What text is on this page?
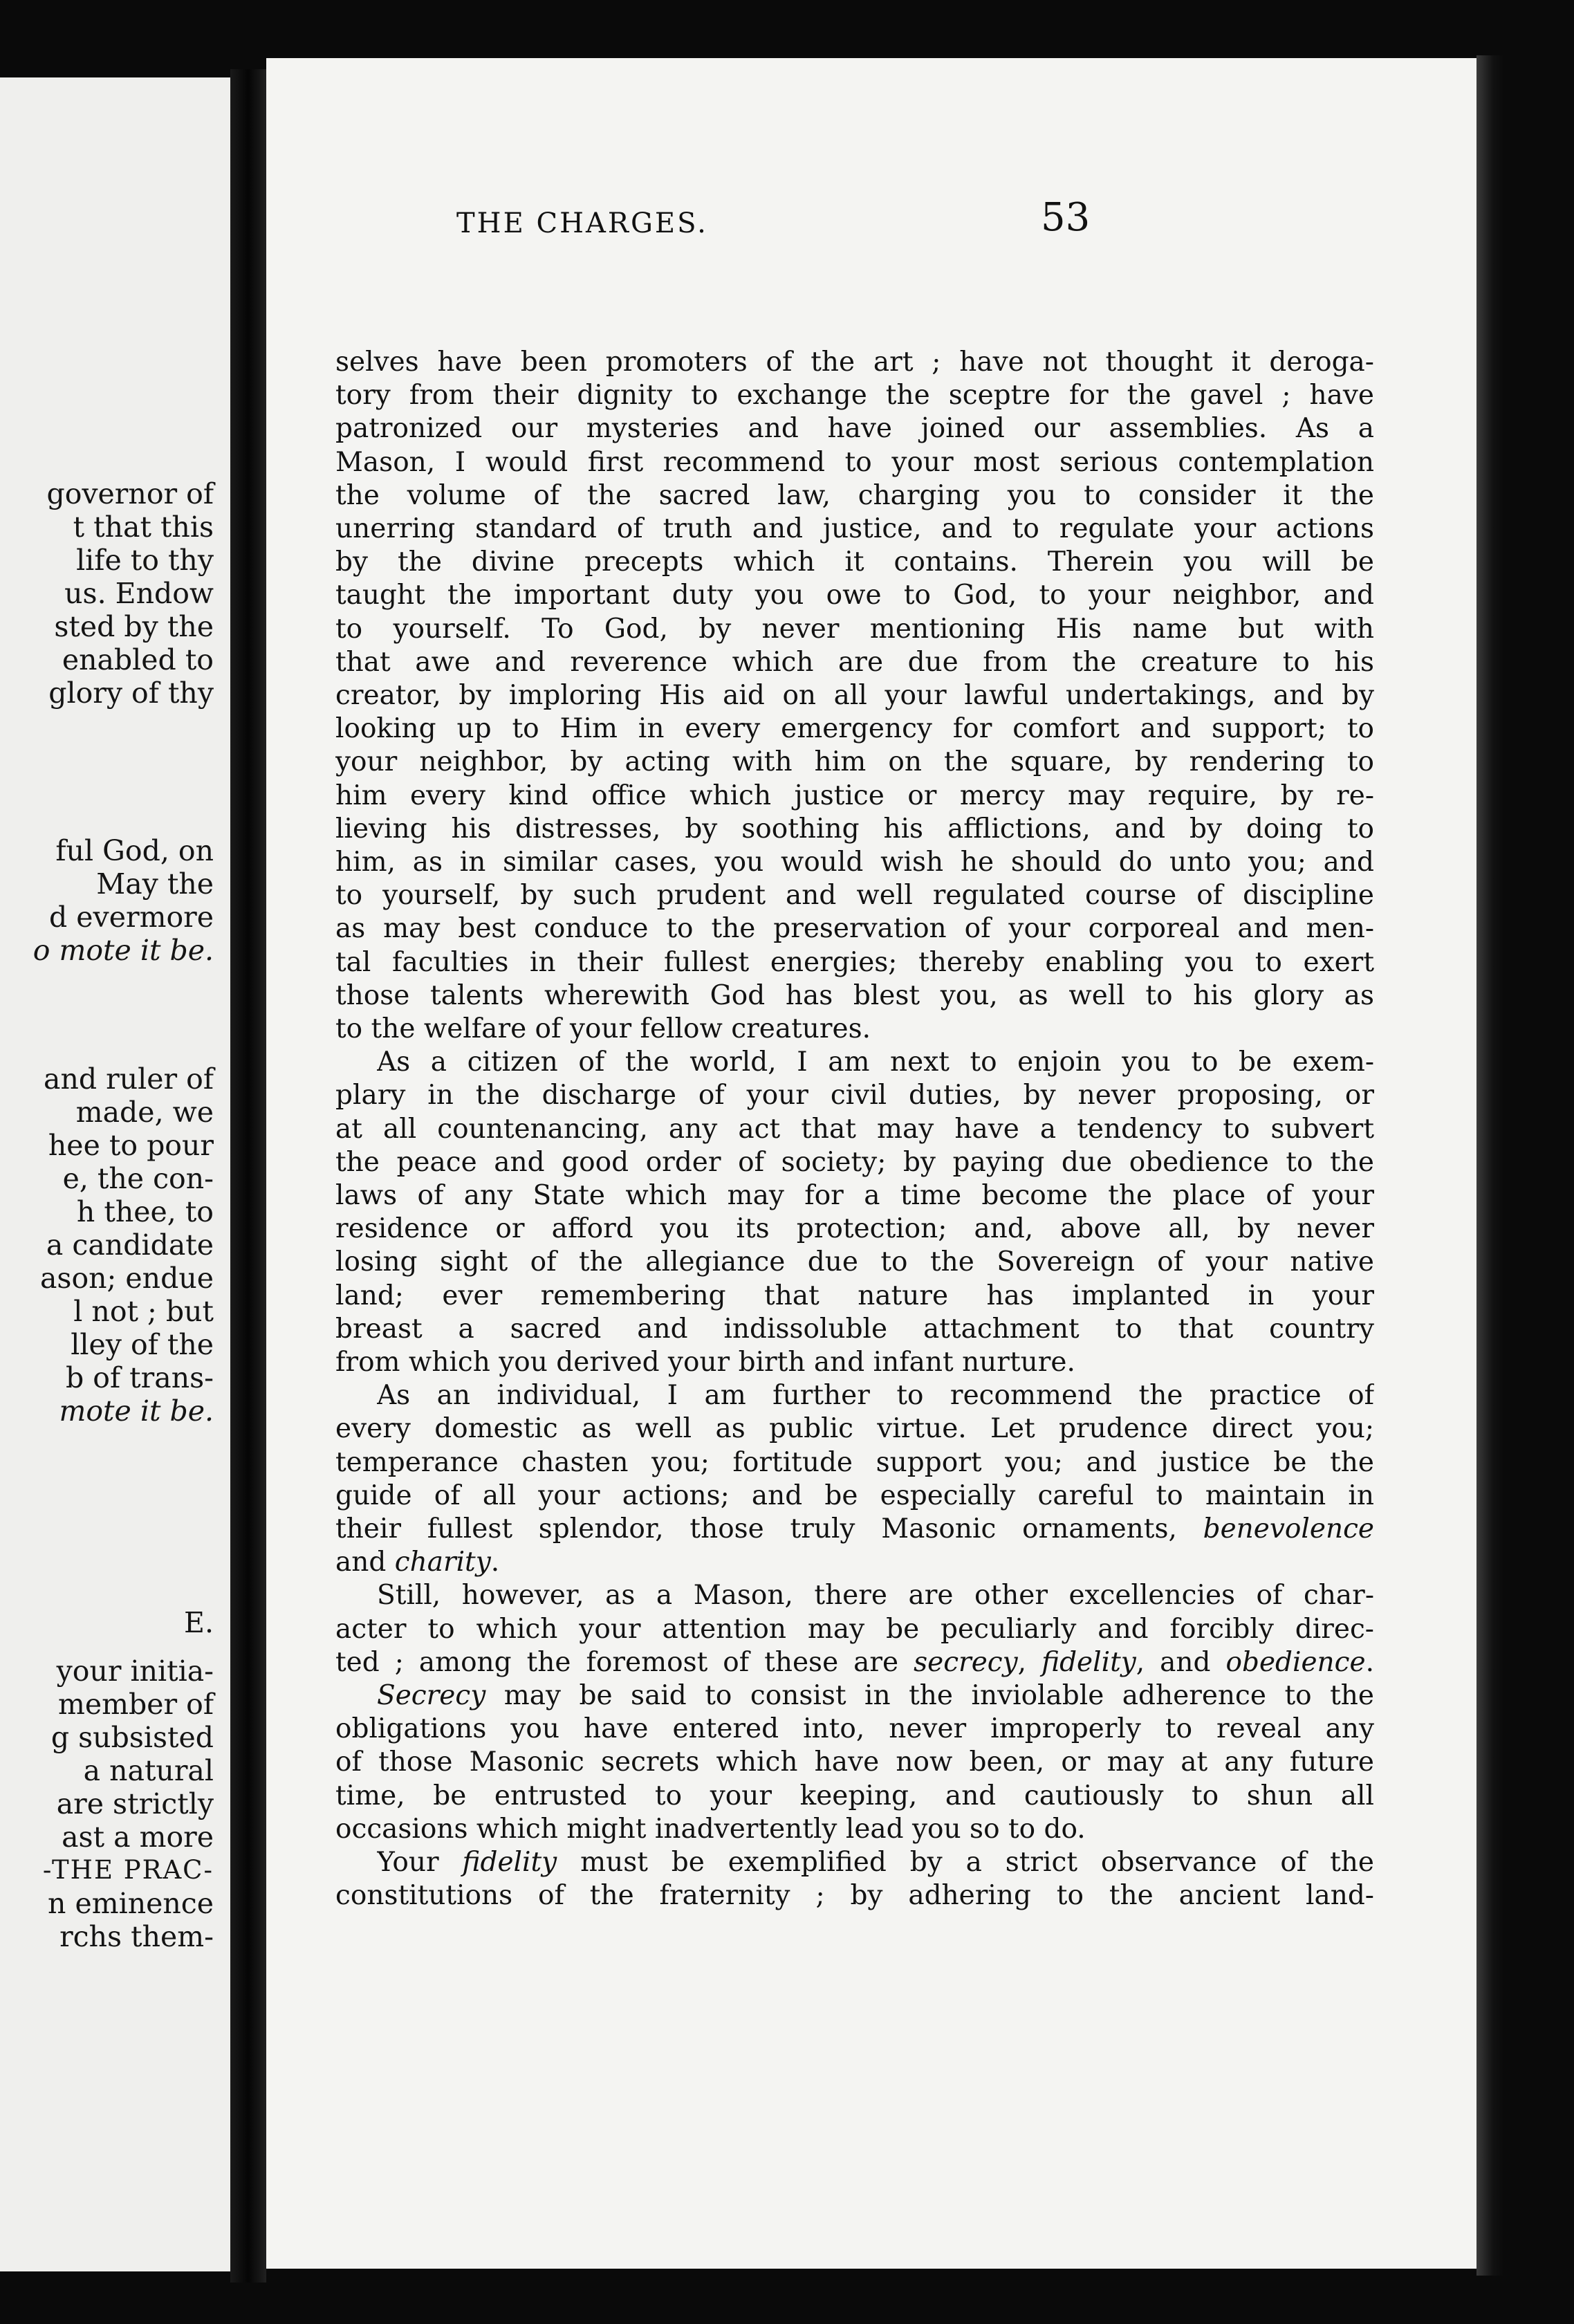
governor of
t that this
life to thy
us. Endow
sted by the
enabled to
glory of thy
ful God, on
May the
d evermore
o mote it be.
and ruler of
made, we
hee to pour
e, the con-
h thee, to
a candidate
ason; endue
l not ; but
lley of the
b of trans-
mote it be.
E.
your initia-
member of
g subsisted
a natural
are strictly
ast a more
-THE PRAC-
n eminence
rchs them-
THE CHARGES.	53
selves have been promoters of the art ; have not thought it deroga-
tory from their dignity to exchange the sceptre for the gavel ; have
patronized our mysteries and have joined our assemblies. As a
Mason, I would first recommend to your most serious contemplation
the volume of the sacred law, charging you to consider it the
unerring standard of truth and justice, and to regulate your actions
by the divine precepts which it contains. Therein you will be
taught the important duty you owe to God, to your neighbor, and
to yourself. To God, by never mentioning His name but with
that awe and reverence which are due from the creature to his
creator, by imploring His aid on all your lawful undertakings, and by
looking up to Him in every emergency for comfort and support; to
your neighbor, by acting with him on the square, by rendering to
him every kind office which justice or mercy may require, by re-
lieving his distresses, by soothing his afflictions, and by doing to
him, as in similar cases, you would wish he should do unto you; and
to yourself, by such prudent and well regulated course of discipline
as may best conduce to the preservation of your corporeal and men-
tal faculties in their fullest energies; thereby enabling you to exert
those talents wherewith God has blest you, as well to his glory as
to the welfare of your fellow creatures.
As a citizen of the world, I am next to enjoin you to be exem-
plary in the discharge of your civil duties, by never proposing, or
at all countenancing, any act that may have a tendency to subvert
the peace and good order of society; by paying due obedience to the
laws of any State which may for a time become the place of your
residence or afford you its protection; and, above all, by never
losing sight of the allegiance due to the Sovereign of your native
land; ever remembering that nature has implanted in your
breast a sacred and indissoluble attachment to that country
from which you derived your birth and infant nurture.
As an individual, I am further to recommend the practice of
every domestic as well as public virtue. Let prudence direct you;
temperance chasten you; fortitude support you; and justice be the
guide of all your actions; and be especially careful to maintain in
their fullest splendor, those truly Masonic ornaments, benevolence
and charity.
Still, however, as a Mason, there are other excellencies of char-
acter to which your attention may be peculiarly and forcibly direc-
ted ; among the foremost of these are secrecy, fidelity, and obedience.
Secrecy may be said to consist in the inviolable adherence to the
obligations you have entered into, never improperly to reveal any
of those Masonic secrets which have now been, or may at any future
time, be entrusted to your keeping, and cautiously to shun all
occasions which might inadvertently lead you so to do.
Your fidelity must be exemplified by a strict observance of the
constitutions of the fraternity ; by adhering to the ancient land-
